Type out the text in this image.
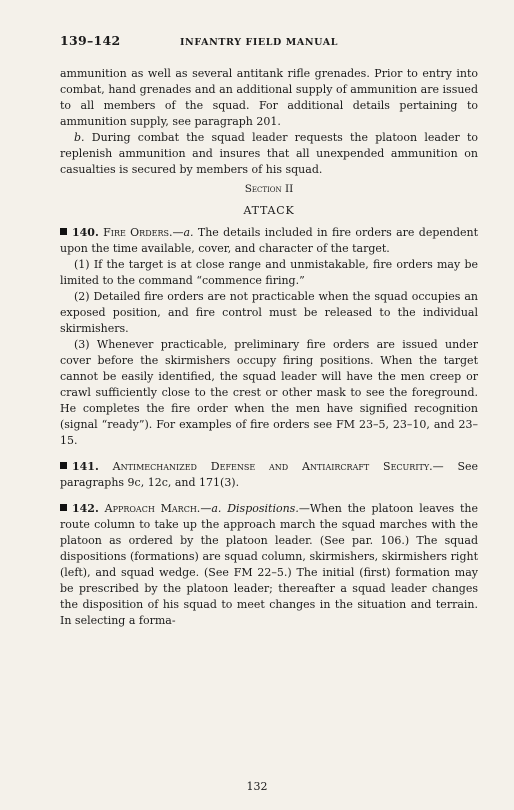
139–142	INFANTRY FIELD MANUAL

ammunition as well as several antitank rifle grenades. Prior to entry into combat, hand grenades and an additional supply of ammunition are issued to all members of the squad. For additional details pertaining to ammunition supply, see paragraph 201.

b. During combat the squad leader requests the platoon leader to replenish ammunition and insures that all unexpended ammunition on casualties is secured by members of his squad.

Section II
ATTACK

140. Fire Orders.—a. The details included in fire orders are dependent upon the time available, cover, and character of the target.

(1) If the target is at close range and unmistakable, fire orders may be limited to the command “commence firing.”

(2) Detailed fire orders are not practicable when the squad occupies an exposed position, and fire control must be released to the individual skirmishers.

(3) Whenever practicable, preliminary fire orders are issued under cover before the skirmishers occupy firing positions. When the target cannot be easily identified, the squad leader will have the men creep or crawl sufficiently close to the crest or other mask to see the foreground. He completes the fire order when the men have signified recognition (signal “ready”). For examples of fire orders see FM 23–5, 23–10, and 23–15.

141. Antimechanized Defense and Antiaircraft Security.— See paragraphs 9c, 12c, and 171(3).

142. Approach March.—a. Dispositions.—When the platoon leaves the route column to take up the approach march the squad marches with the platoon as ordered by the platoon leader. (See par. 106.) The squad dispositions (formations) are squad column, skirmishers, skirmishers right (left), and squad wedge. (See FM 22–5.) The initial (first) formation may be prescribed by the platoon leader; thereafter a squad leader changes the disposition of his squad to meet changes in the situation and terrain. In selecting a forma-

132
